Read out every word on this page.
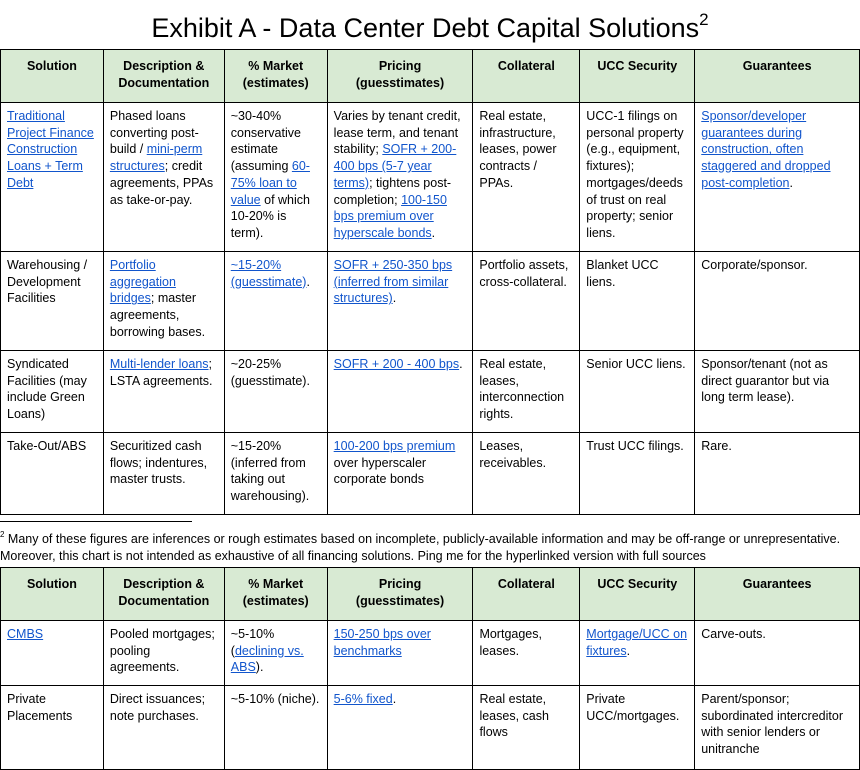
Exhibit A - Data Center Debt Capital Solutions$^2$
Solution	Description & Documentation	% Market (estimates)	Pricing (guesstimates)	Collateral	UCC Security	Guarantees
Traditional Project Finance Construction Loans + Term Debt	Phased loans converting post-build / mini-perm structures; credit agreements, PPAs as take-or-pay.	~30-40% conservative estimate (assuming 60-75% loan to value of which 10-20% is term).	Varies by tenant credit, lease term, and tenant stability; SOFR + 200-400 bps (5-7 year terms); tightens post-completion; 100-150 bps premium over hyperscale bonds.	Real estate, infrastructure, leases, power contracts / PPAs.	UCC-1 filings on personal property (e.g., equipment, fixtures); mortgages/deeds of trust on real property; senior liens.	Sponsor/developer guarantees during construction, often staggered and dropped post-completion.
Warehousing / Development Facilities	Portfolio aggregation bridges; master agreements, borrowing bases.	~15-20% (guesstimate).	SOFR + 250-350 bps (inferred from similar structures).	Portfolio assets, cross-collateral.	Blanket UCC liens.	Corporate/sponsor.
Syndicated Facilities (may include Green Loans)	Multi-lender loans; LSTA agreements.	~20-25% (guesstimate).	SOFR + 200 - 400 bps.	Real estate, leases, interconnection rights.	Senior UCC liens.	Sponsor/tenant (not as direct guarantor but via long term lease).
Take-Out/ABS	Securitized cash flows; indentures, master trusts.	~15-20% (inferred from taking out warehousing).	100-200 bps premium over hyperscaler corporate bonds	Leases, receivables.	Trust UCC filings.	Rare.
$^2$ Many of these figures are inferences or rough estimates based on incomplete, publicly-available information and may be off-range or unrepresentative. Moreover, this chart is not intended as exhaustive of all financing solutions. Ping me for the hyperlinked version with full sources
Solution	Description & Documentation	% Market (estimates)	Pricing (guesstimates)	Collateral	UCC Security	Guarantees
CMBS	Pooled mortgages; pooling agreements.	~5-10% (declining vs. ABS).	150-250 bps over benchmarks	Mortgages, leases.	Mortgage/UCC on fixtures.	Carve-outs.
Private Placements	Direct issuances; note purchases.	~5-10% (niche).	5-6% fixed.	Real estate, leases, cash flows	Private UCC/mortgages.	Parent/sponsor; subordinated intercreditor with senior lenders or unitranche
